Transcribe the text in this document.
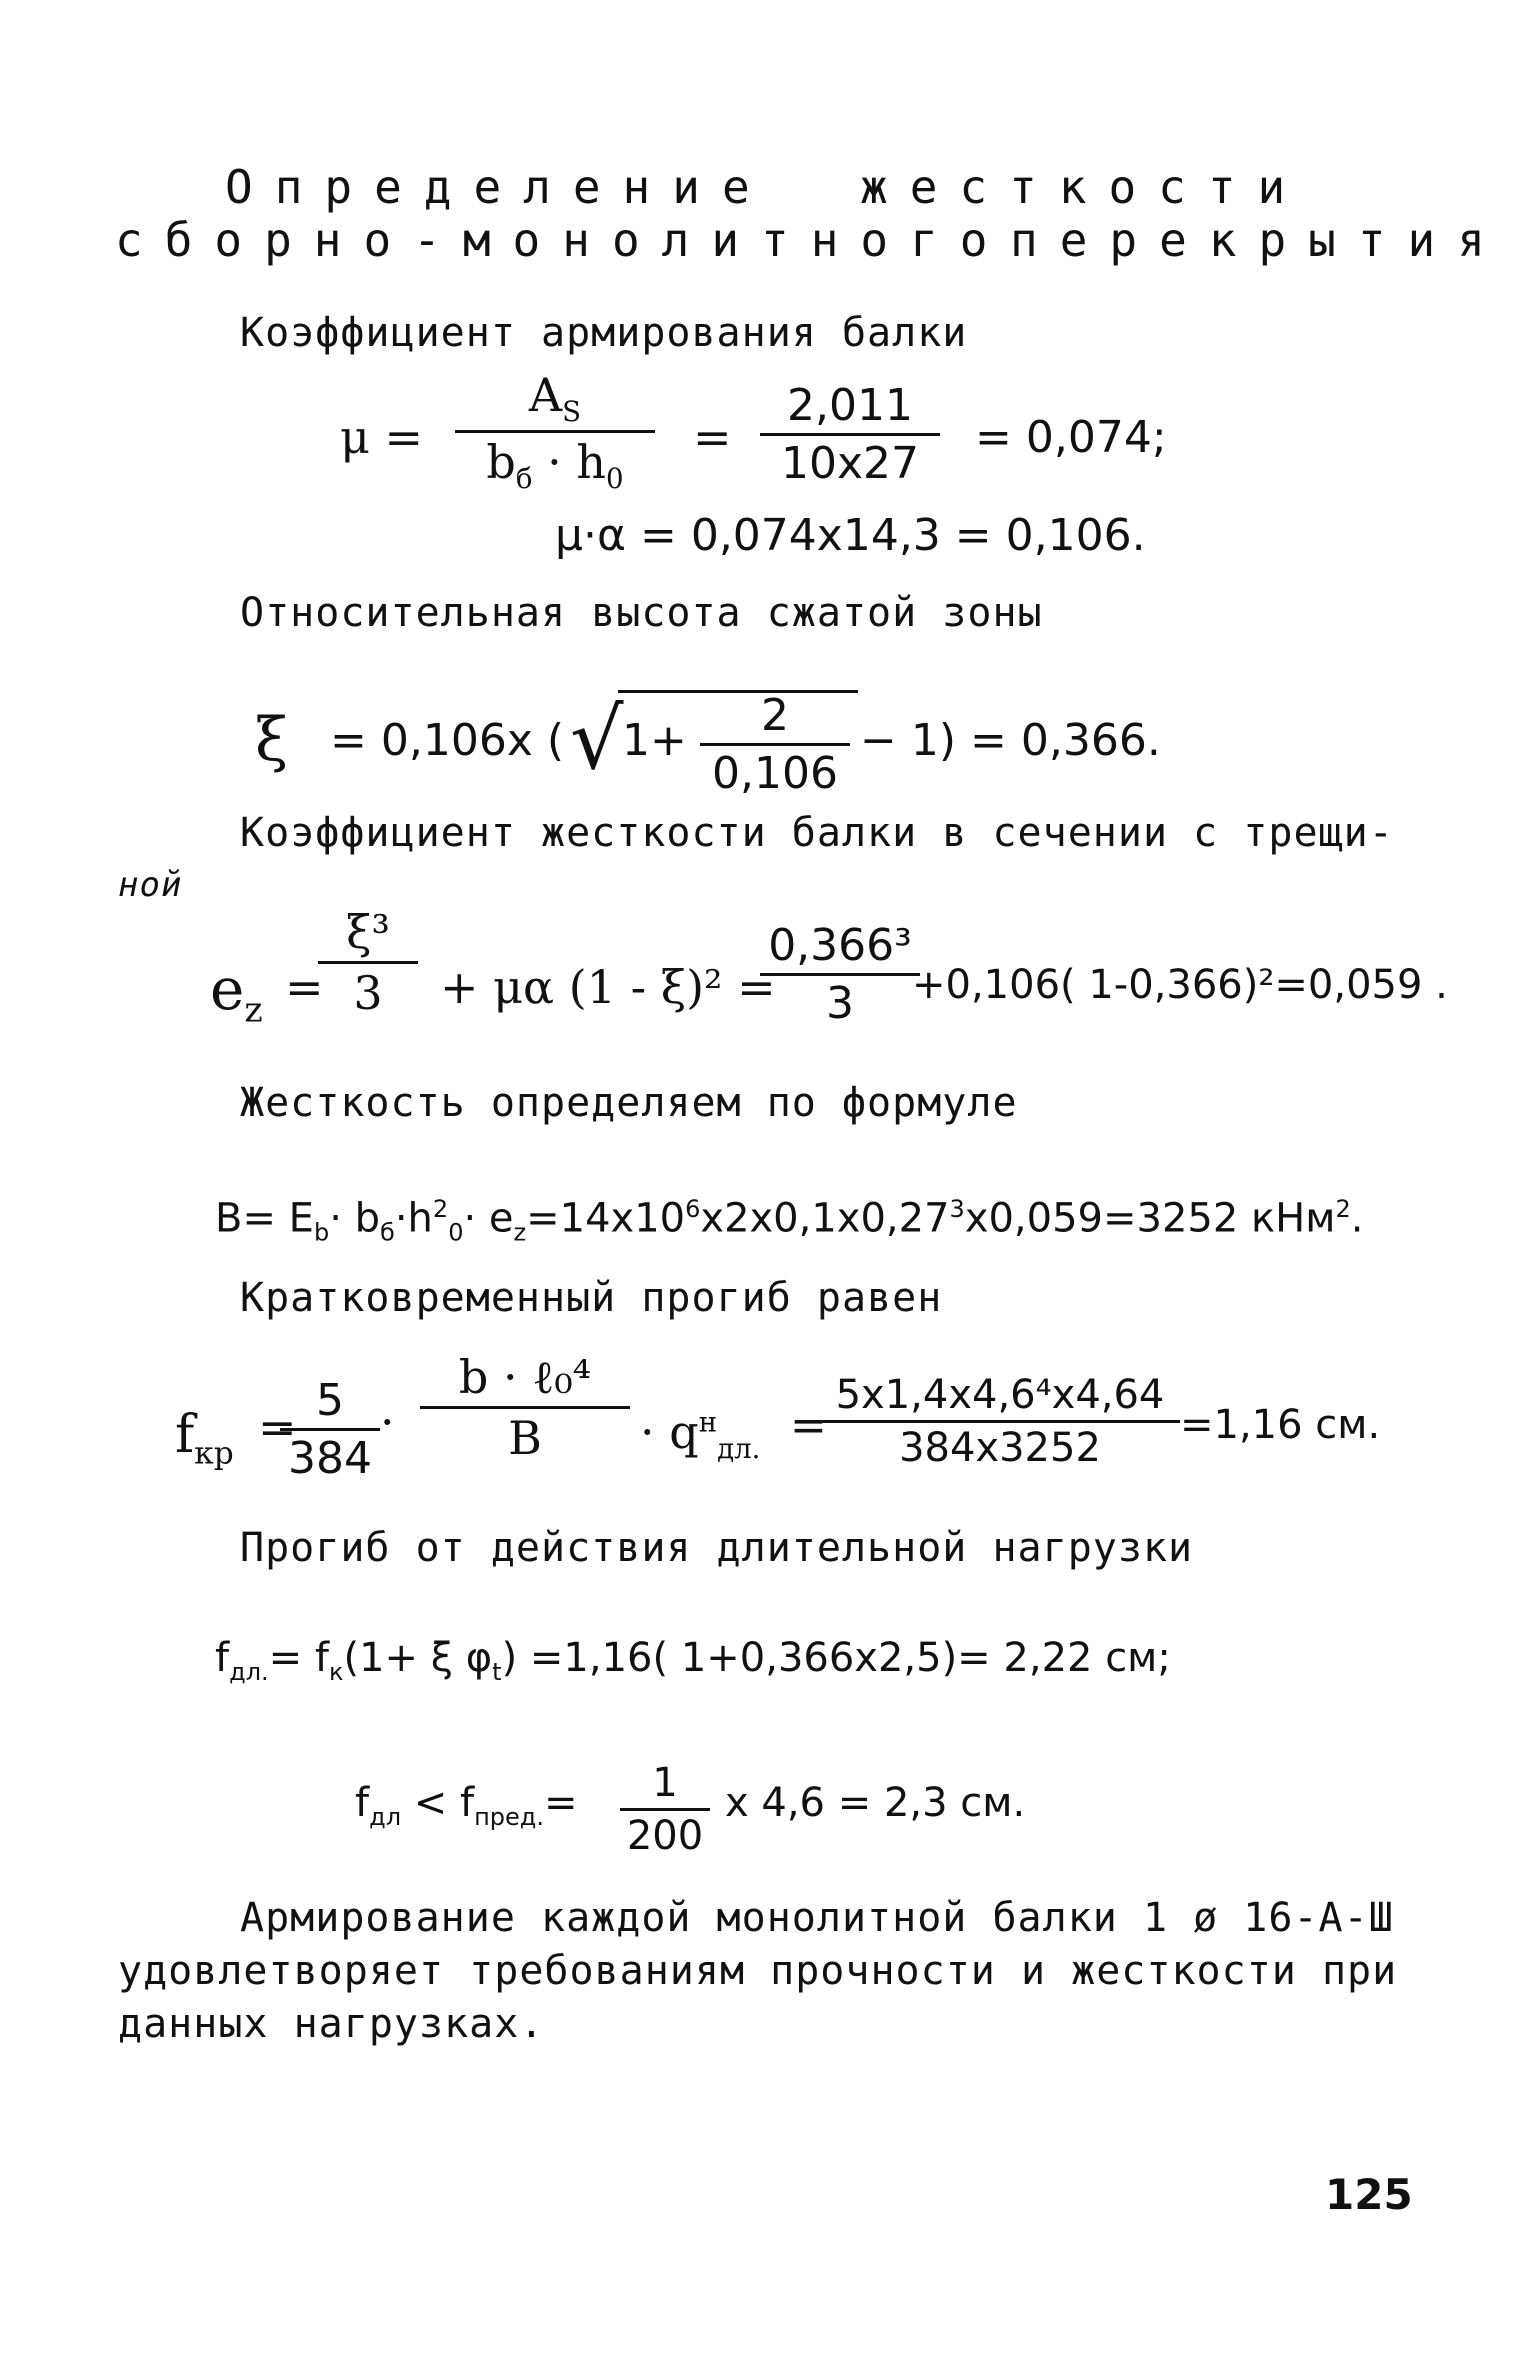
Определение жесткости
сборно-монолитного перекрытия
Коэффициент армирования балки
μ =
$A_S$
$b_б \cdot h_0$
=
2,011
10x27
= 0,074;
μ·α = 0,074x14,3 = 0,106.
Относительная высота сжатой зоны
ξ = 0,106x ( √
1+	2
0,106
− 1) = 0,366.
Коэффициент жесткости балки в сечении с трещи-
ной
$e_z$ =
ξ³
3	+ μα (1 - ξ)² =
0,366³
3	+0,106( 1-0,366)²=0,059 .
Жесткость определяем по формуле
$B= E_b\cdot b_б\cdot h^2_0\cdot e_z=14x10^6x2x0,1x0,27^3x0,059=3252$ кНм$^2$.
Кратковременный прогиб равен
$f_{кр} = 5$
384
·
b · ℓ₀⁴
B	· $q^н_{дл.}$ =
5x1,4x4,6⁴x4,64
384x3252	=1,16 см.
Прогиб от действия длительной нагрузки
$f_{дл.}= f_к(1+ \xi$ $\varphi_t) =1,16$( 1+0,366x2,5)= 2,22 см;
$f_{дл} < f_{пред.}=$	1
200
x 4,6 = 2,3 см.
Армирование каждой монолитной балки 1 ø 16-А-Ш
удовлетворяет требованиям прочности и жесткости при
данных нагрузках.
125
